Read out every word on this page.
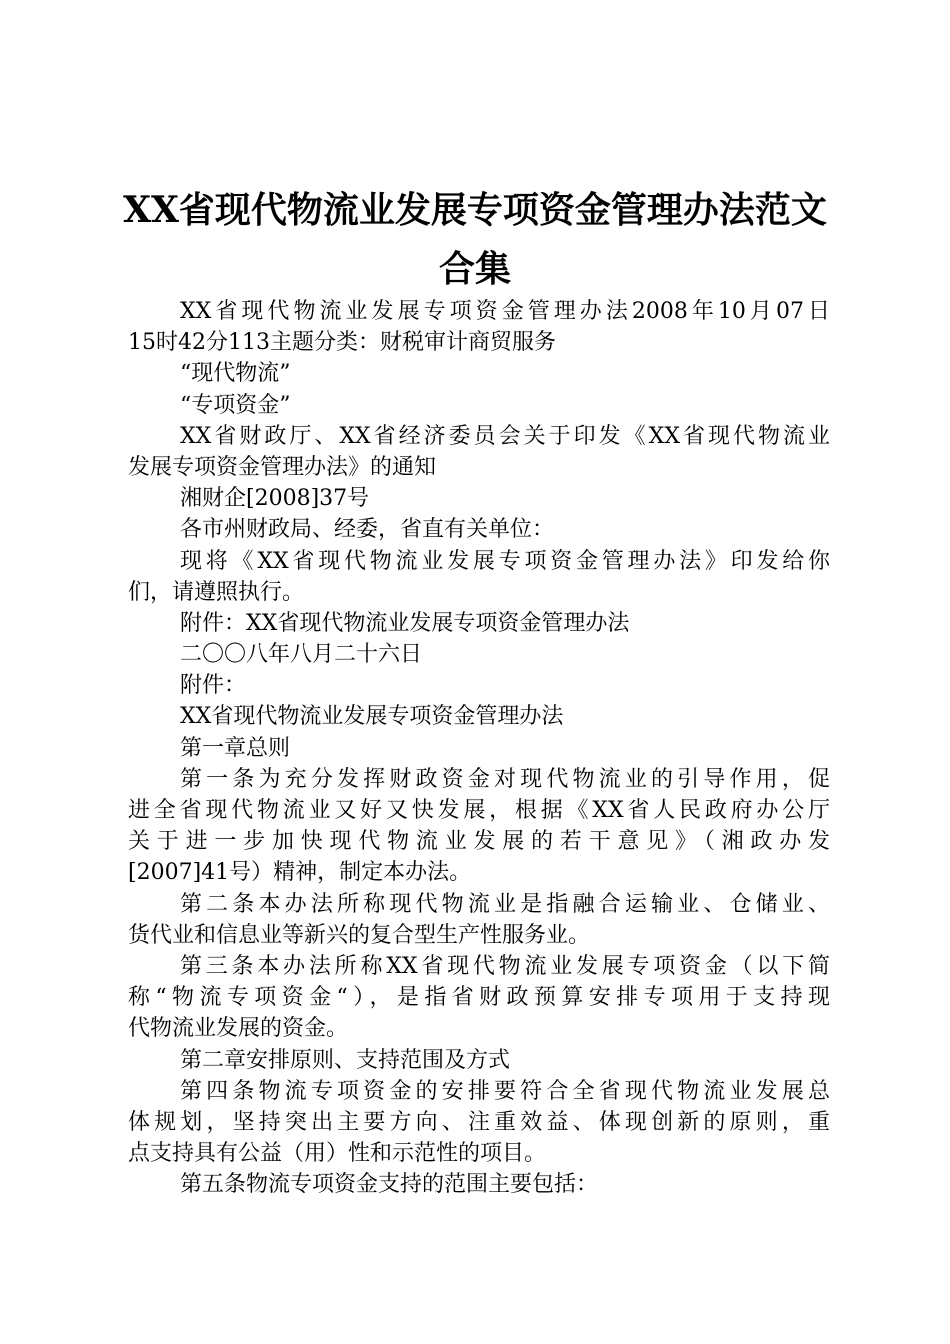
XX省现代物流业发展专项资金管理办法范文
合集
XX省现代物流业发展专项资金管理办法2008年10月07日
15时42分113主题分类：财税审计商贸服务
“现代物流”
“专项资金”
XX省财政厅、XX省经济委员会关于印发《XX省现代物流业
发展专项资金管理办法》的通知
湘财企[2008]37号
各市州财政局、经委，省直有关单位：
现将《XX省现代物流业发展专项资金管理办法》印发给你
们，请遵照执行。
附件：XX省现代物流业发展专项资金管理办法
二〇〇八年八月二十六日
附件：
XX省现代物流业发展专项资金管理办法
第一章总则
第一条为充分发挥财政资金对现代物流业的引导作用，促
进全省现代物流业又好又快发展，根据《XX省人民政府办公厅
关于进一步加快现代物流业发展的若干意见》（湘政办发
[2007]41号）精神，制定本办法。
第二条本办法所称现代物流业是指融合运输业、仓储业、
货代业和信息业等新兴的复合型生产性服务业。
第三条本办法所称XX省现代物流业发展专项资金（以下简
称“物流专项资金“），是指省财政预算安排专项用于支持现
代物流业发展的资金。
第二章安排原则、支持范围及方式
第四条物流专项资金的安排要符合全省现代物流业发展总
体规划，坚持突出主要方向、注重效益、体现创新的原则，重
点支持具有公益（用）性和示范性的项目。
第五条物流专项资金支持的范围主要包括：
